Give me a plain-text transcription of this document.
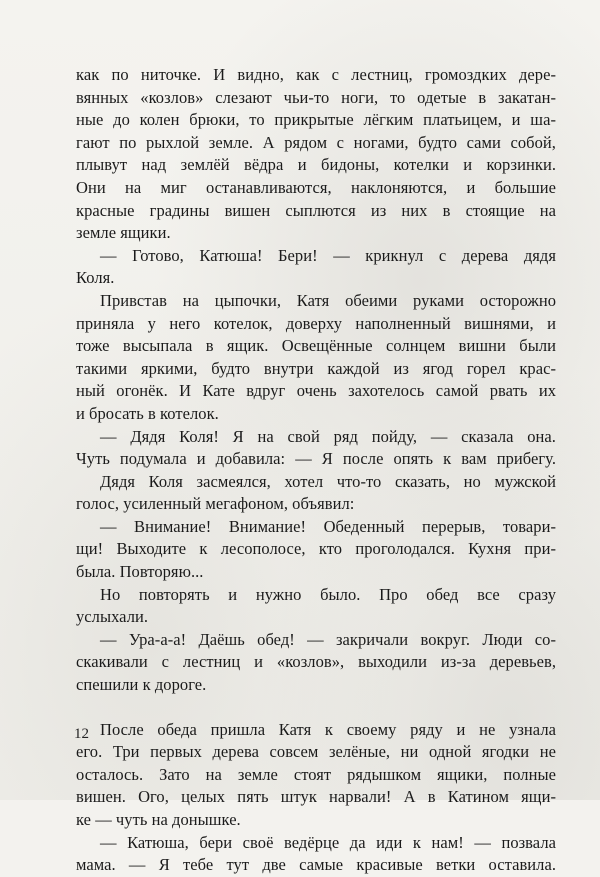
как по ниточке. И видно, как с лестниц, громоздких дере-
вянных «козлов» слезают чьи-то ноги, то одетые в закатан-
ные до колен брюки, то прикрытые лёгким платьицем, и ша-
гают по рыхлой земле. А рядом с ногами, будто сами собой,
плывут над землёй вёдра и бидоны, котелки и корзинки.
Они на миг останавливаются, наклоняются, и большие
красные градины вишен сыплются из них в стоящие на
земле ящики.
— Готово, Катюша! Бери! — крикнул с дерева дядя
Коля.
Привстав на цыпочки, Катя обеими руками осторожно
приняла у него котелок, доверху наполненный вишнями, и
тоже высыпала в ящик. Освещённые солнцем вишни были
такими яркими, будто внутри каждой из ягод горел крас-
ный огонёк. И Кате вдруг очень захотелось самой рвать их
и бросать в котелок.
— Дядя Коля! Я на свой ряд пойду, — сказала она.
Чуть подумала и добавила: — Я после опять к вам прибегу.
Дядя Коля засмеялся, хотел что-то сказать, но мужской
голос, усиленный мегафоном, объявил:
— Внимание! Внимание! Обеденный перерыв, товари-
щи! Выходите к лесополосе, кто проголодался. Кухня при-
была. Повторяю...
Но повторять и нужно было. Про обед все сразу
услыхали.
— Ура-а-а! Даёшь обед! — закричали вокруг. Люди со-
скакивали с лестниц и «козлов», выходили из-за деревьев,
спешили к дороге.
После обеда пришла Катя к своему ряду и не узнала
его. Три первых дерева совсем зелёные, ни одной ягодки не
осталось. Зато на земле стоят рядышком ящики, полные
вишен. Ого, целых пять штук нарвали! А в Катином ящи-
ке — чуть на донышке.
— Катюша, бери своё ведёрце да иди к нам! — позвала
мама. — Я тебе тут две самые красивые ветки оставила.
12
